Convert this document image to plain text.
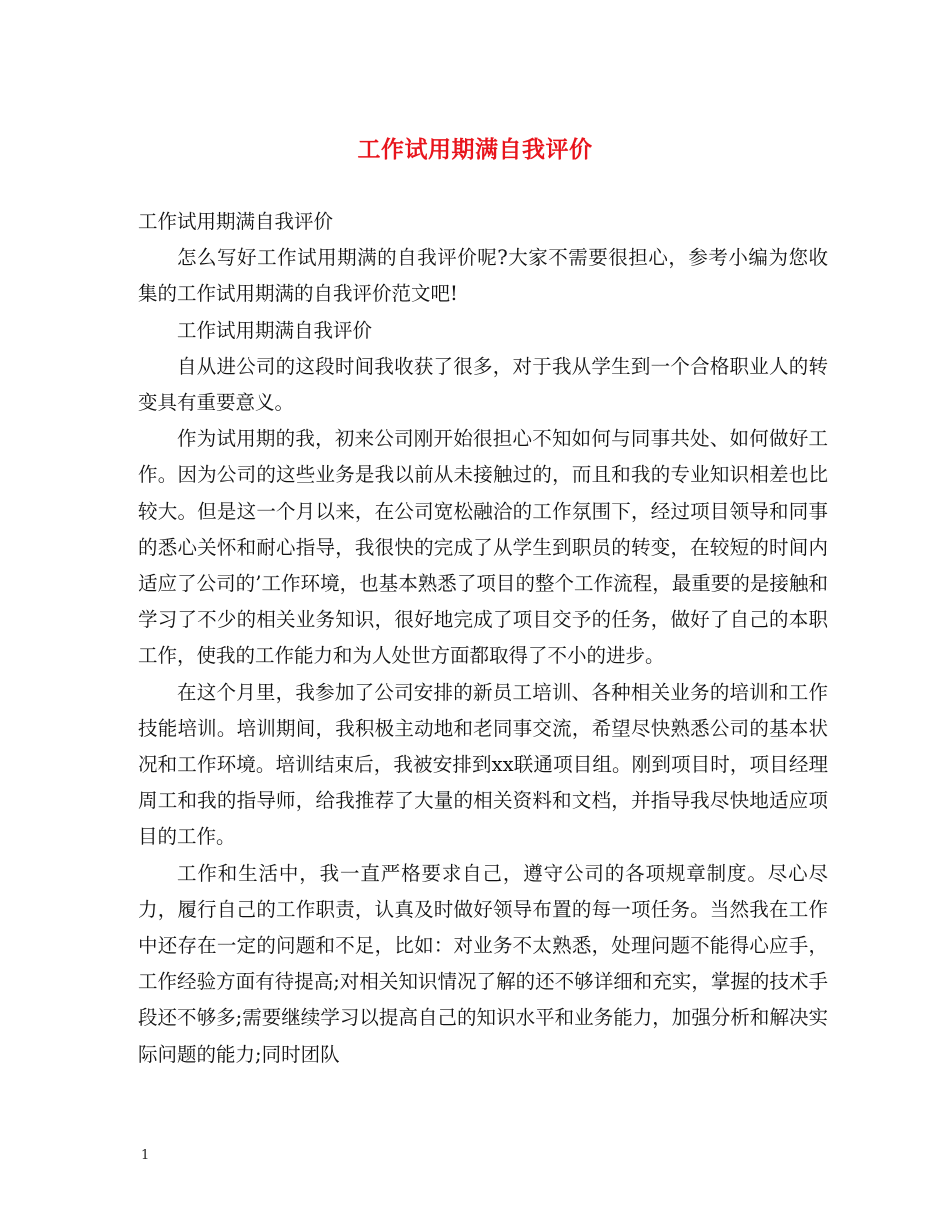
工作试用期满自我评价

工作试用期满自我评价

怎么写好工作试用期满的自我评价呢?大家不需要很担心，参考小编为您收集的工作试用期满的自我评价范文吧!

工作试用期满自我评价

自从进公司的这段时间我收获了很多，对于我从学生到一个合格职业人的转变具有重要意义。

作为试用期的我，初来公司刚开始很担心不知如何与同事共处、如何做好工作。因为公司的这些业务是我以前从未接触过的，而且和我的专业知识相差也比较大。但是这一个月以来，在公司宽松融洽的工作氛围下，经过项目领导和同事的悉心关怀和耐心指导，我很快的完成了从学生到职员的转变，在较短的时间内适应了公司的’工作环境，也基本熟悉了项目的整个工作流程，最重要的是接触和学习了不少的相关业务知识，很好地完成了项目交予的任务，做好了自己的本职工作，使我的工作能力和为人处世方面都取得了不小的进步。

在这个月里，我参加了公司安排的新员工培训、各种相关业务的培训和工作技能培训。培训期间，我积极主动地和老同事交流，希望尽快熟悉公司的基本状况和工作环境。培训结束后，我被安排到xx联通项目组。刚到项目时，项目经理周工和我的指导师，给我推荐了大量的相关资料和文档，并指导我尽快地适应项目的工作。

工作和生活中，我一直严格要求自己，遵守公司的各项规章制度。尽心尽力，履行自己的工作职责，认真及时做好领导布置的每一项任务。当然我在工作中还存在一定的问题和不足，比如：对业务不太熟悉，处理问题不能得心应手，工作经验方面有待提高;对相关知识情况了解的还不够详细和充实，掌握的技术手段还不够多;需要继续学习以提高自己的知识水平和业务能力，加强分析和解决实际问题的能力;同时团队

1
